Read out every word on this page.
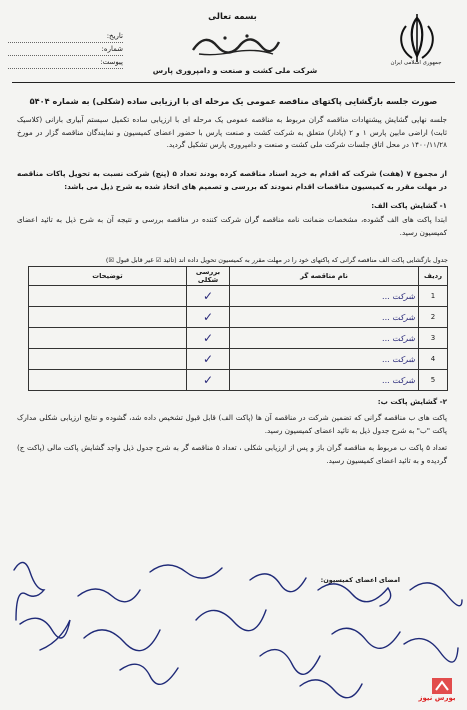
تاریخ:
شماره:
پیوست:
بسمه تعالی
شرکت ملی کشت و صنعت و دامپروری پارس
جمهوری اسلامی ایران
صورت جلسه بازگشایی پاکتهای مناقصه عمومی یک مرحله ای با ارزیابی ساده (شکلی) به شماره ۵۴۰۴
جلسه نهایی گشایش پیشنهادات مناقصه گران مربوط به مناقصه عمومی یک مرحله ای با ارزیابی ساده تکمیل سیستم آبیاری بارانی (کلاسیک ثابت) اراضی مابین پارس ۱ و ۲ (پادار) متعلق به شرکت کشت و صنعت پارس با حضور اعضای کمیسیون و نمایندگان مناقصه گزار در مورخ ۱۴۰۰/۱۱/۲۸ در محل اتاق جلسات شرکت ملی کشت و صنعت و دامپروری پارس تشکیل گردید.
از مجموع ۷ (هفت) شرکت که اقدام به خرید اسناد مناقصه کرده بودند تعداد ۵ (پنج) شرکت نسبت به تحویل پاکات مناقصه در مهلت مقرر به کمیسیون مناقصات اقدام نمودند که بررسی و تصمیم های اتخاذ شده به شرح ذیل می باشد:
۱- گشایش پاکت الف:
ابتدا پاکت های الف گشوده، مشخصات ضمانت نامه مناقصه گران شرکت کننده در مناقصه بررسی و نتیجه آن به شرح ذیل به تائید اعضای کمیسیون رسید.
جدول بازگشایی پاکت الف مناقصه گرانی که پاکتهای خود را در مهلت مقرر به کمیسیون تحویل داده اند (تائید ☑ غیر قابل قبول ☒)
ردیف	نام مناقصه گر	بررسی شکلی	توضیحات
1	شرکت ...	✓	
2	شرکت ...	✓	
3	شرکت ...	✓	
4	شرکت ...	✓	
5	شرکت ...	✓	
۲- گشایش پاکت ب:
پاکت های ب مناقصه گرانی که تضمین شرکت در مناقصه آن ها (پاکت الف) قابل قبول تشخیص داده شد، گشوده و نتایج ارزیابی شکلی مدارک پاکت "ب" به شرح جدول ذیل به تائید اعضای کمیسیون رسید.
تعداد ۵ پاکت ب مربوط به مناقصه گران باز و پس از ارزیابی شکلی ، تعداد ۵ مناقصه گر به شرح جدول ذیل واجد گشایش پاکت مالی (پاکت ج) گردیده و به تائید اعضای کمیسیون رسید.
امضای اعضای کمیسیون:
بورس نیوز
